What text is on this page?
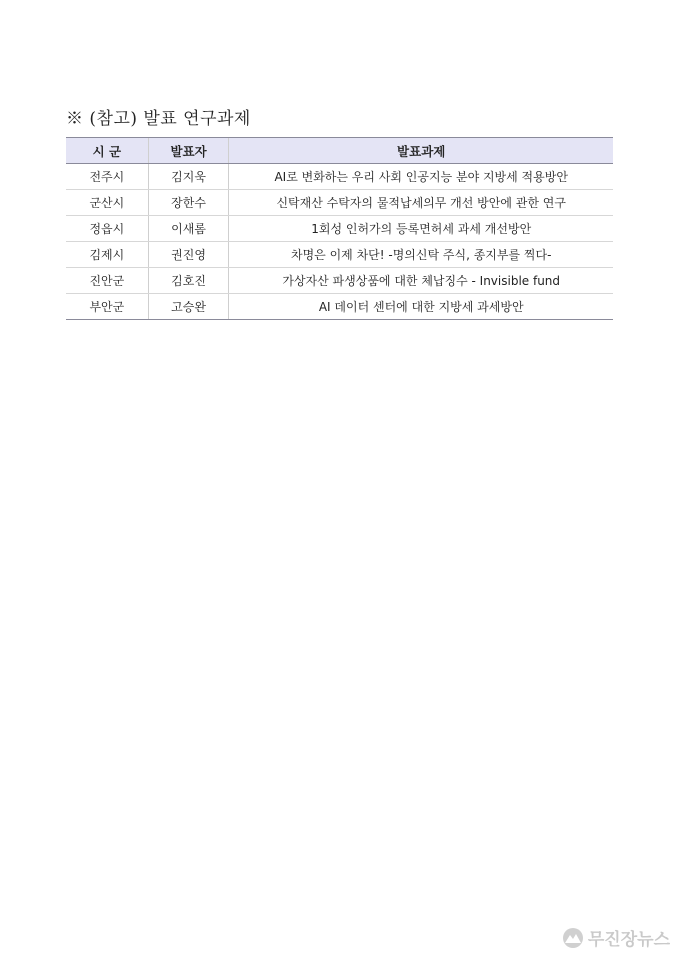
※ (참고) 발표 연구과제
시 군	발표자	발표과제
전주시	김지욱	AI로 변화하는 우리 사회 인공지능 분야 지방세 적용방안
군산시	장한수	신탁재산 수탁자의 물적납세의무 개선 방안에 관한 연구
정읍시	이새롬	1회성 인허가의 등록면허세 과세 개선방안
김제시	권진영	차명은 이제 차단! -명의신탁 주식, 종지부를 찍다-
진안군	김호진	가상자산 파생상품에 대한 체납징수 - Invisible fund
부안군	고승완	AI 데이터 센터에 대한 지방세 과세방안
무진장뉴스
